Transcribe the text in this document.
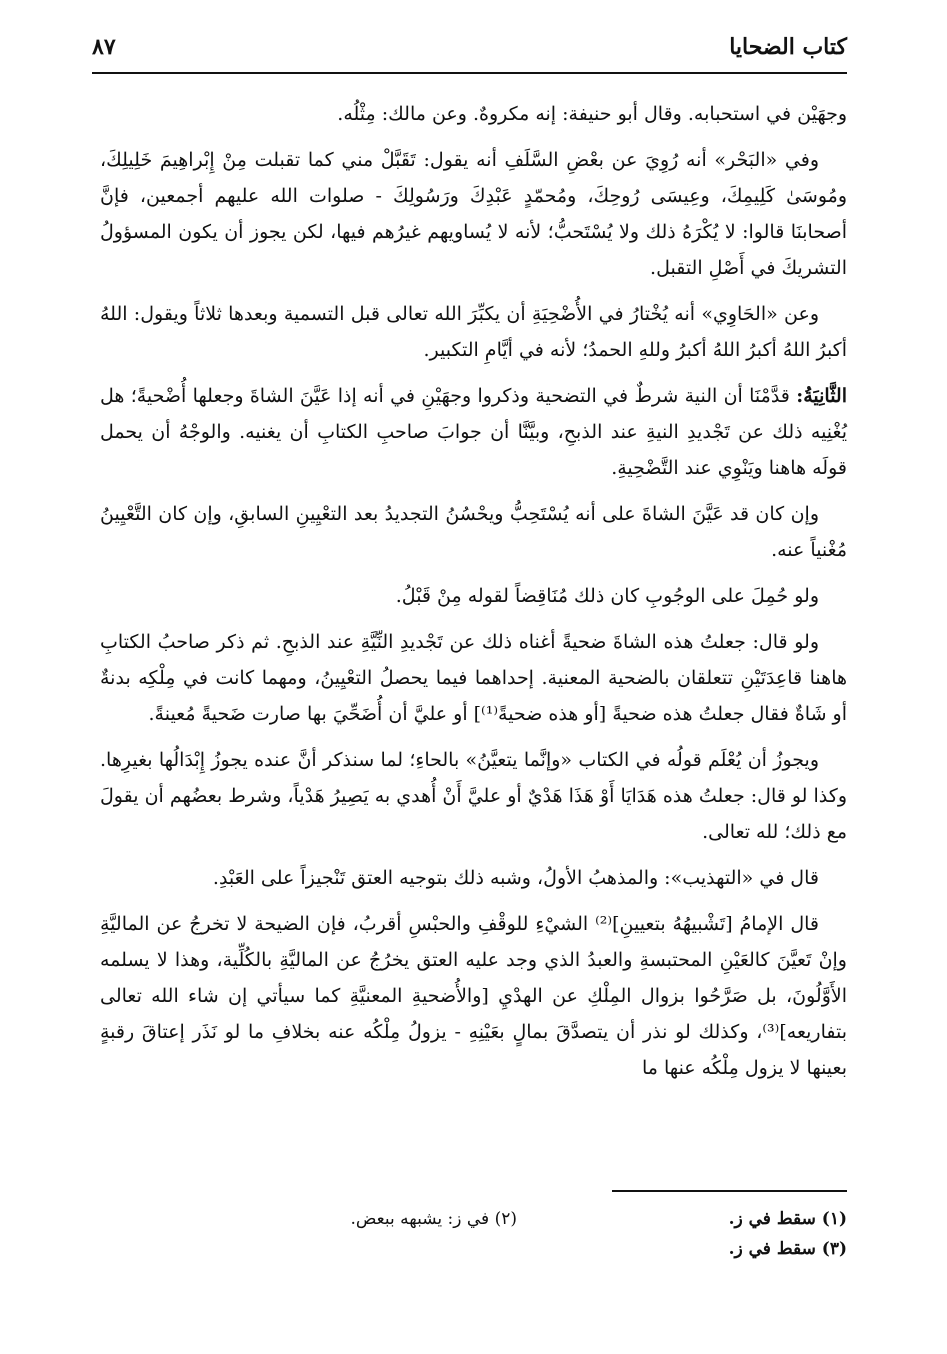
كتاب الضحايا
٨٧

وجهَيْن في استحبابه. وقال أبو حنيفة: إنه مكروهٌ. وعن مالك: مِثْلُه.

وفي «البَحْر» أنه رُوِيَ عن بعْضِ السَّلَفِ أنه يقول: تَقَبَّلْ مني كما تقبلت مِنْ إِبْراهِيمَ خَلِيلِكَ، ومُوسَىٰ كَلِيمِكَ، وعِيسَى رُوحِكَ، ومُحمّدٍ عَبْدِكَ ورَسُولِكَ - صلوات الله عليهم أجمعين، فإنَّ أصحابنَا قالوا: لا يُكْرَهُ ذلك ولا يُسْتَحبُّ؛ لأنه لا يُساويهم غيرُهم فيها، لكن يجوز أن يكون المسؤولُ التشريكَ في أَصْلِ التقبل.

وعن «الحَاوِي» أنه يُخْتارُ في الأُضْحِيَةِ أن يكبِّرَ الله تعالى قبل التسمية وبعدها ثلاثاً ويقول: اللهُ أكبرُ اللهُ أكبرُ اللهُ أكبرُ وللهِ الحمدُ؛ لأنه في أيَّامِ التكبير.

الثَّانِيَةُ: قدَّمْنَا أن النية شرطٌ في التضحية وذكروا وجهَيْنِ في أنه إذا عَيَّنَ الشاةَ وجعلها أُضْحيةً؛ هل يُغْنِيه ذلك عن تَجْديدِ النيةِ عند الذبحِ، وبيَّنَّا أن جوابَ صاحبِ الكتابِ أن يغنيه. والوجْهُ أن يحمل قولَه هاهنا ويَنْوِي عند التَّضْحِيةِ.

وإن كان قد عَيَّنَ الشاةَ على أنه يُسْتَحِبُّ ويحْسُنُ التجديدُ بعد التعْيِينِ السابقِ، وإن كان التَّعْيِينُ مُغْنياً عنه.

ولو حُمِلَ على الوجُوبِ كان ذلك مُنَاقِضاً لقوله مِنْ قَبْلُ.

ولو قال: جعلتُ هذه الشاةَ ضحيةً أغناه ذلك عن تَجْديدِ النِّيَّةِ عند الذبحِ. ثم ذكر صاحبُ الكتابِ هاهنا قاعِدَتَيْنِ تتعلقان بالضحية المعنية. إحداهما فيما يحصلُ التعْيِينُ، ومهما كانت في مِلْكِه بدنةٌ أو شَاةٌ فقال جعلتُ هذه ضحيةً [أو هذه ضحيةً⁽¹⁾] أو عليَّ أن أُضَحِّيَ بها صارت ضَحيةً مُعينةً.

ويجوزُ أن يُعْلَم قولُه في الكتاب «وإنَّما يتعيَّنُ» بالحاءِ؛ لما سنذكر أنَّ عنده يجوزُ إِبْدَالُها بغيرِها. وكذا لو قال: جعلتُ هذه هَدَايَا أَوْ هَذَا هَدْيٌ أو عليَّ أَنْ أُهدي به يَصِيرُ هَدْياً، وشرط بعضُهم أن يقولَ مع ذلك؛ لله تعالى.

قال في «التهذيب»: والمذهبُ الأولُ، وشبه ذلك بتوجيه العتق تَنْجيزاً على العَبْدِ.

قال الإمامُ [تَشْبيهُهُ بتعيينِ]⁽²⁾ الشيْءِ للوقْفِ والحبْسِ أقربُ، فإن الضيحة لا تخرجُ عن الماليَّةِ وإنْ تَعيَّنَ كالعَيْنِ المحتبسةِ والعبدُ الذي وجد عليه العتق يخرُجُ عن الماليَّةِ بالكُلِّية، وهذا لا يسلمه الأَوَّلُونَ، بل صَرَّحُوا بزوال المِلْكِ عن الهدْيِ [والأُضحيةِ المعنيَّةِ كما سيأتي إن شاء الله تعالى بتفاريعه]⁽³⁾، وكذلك لو نذر أن يتصدَّقَ بمالٍ بعَيْنِهِ - يزولُ مِلْكُه عنه بخلافِ ما لو نَذَر إعتاقَ رقبةٍ بعينها لا يزول مِلْكُه عنها ما

(١) سقط في ز.
(٢) في ز: يشبهه ببعض.
(٣) سقط في ز.
